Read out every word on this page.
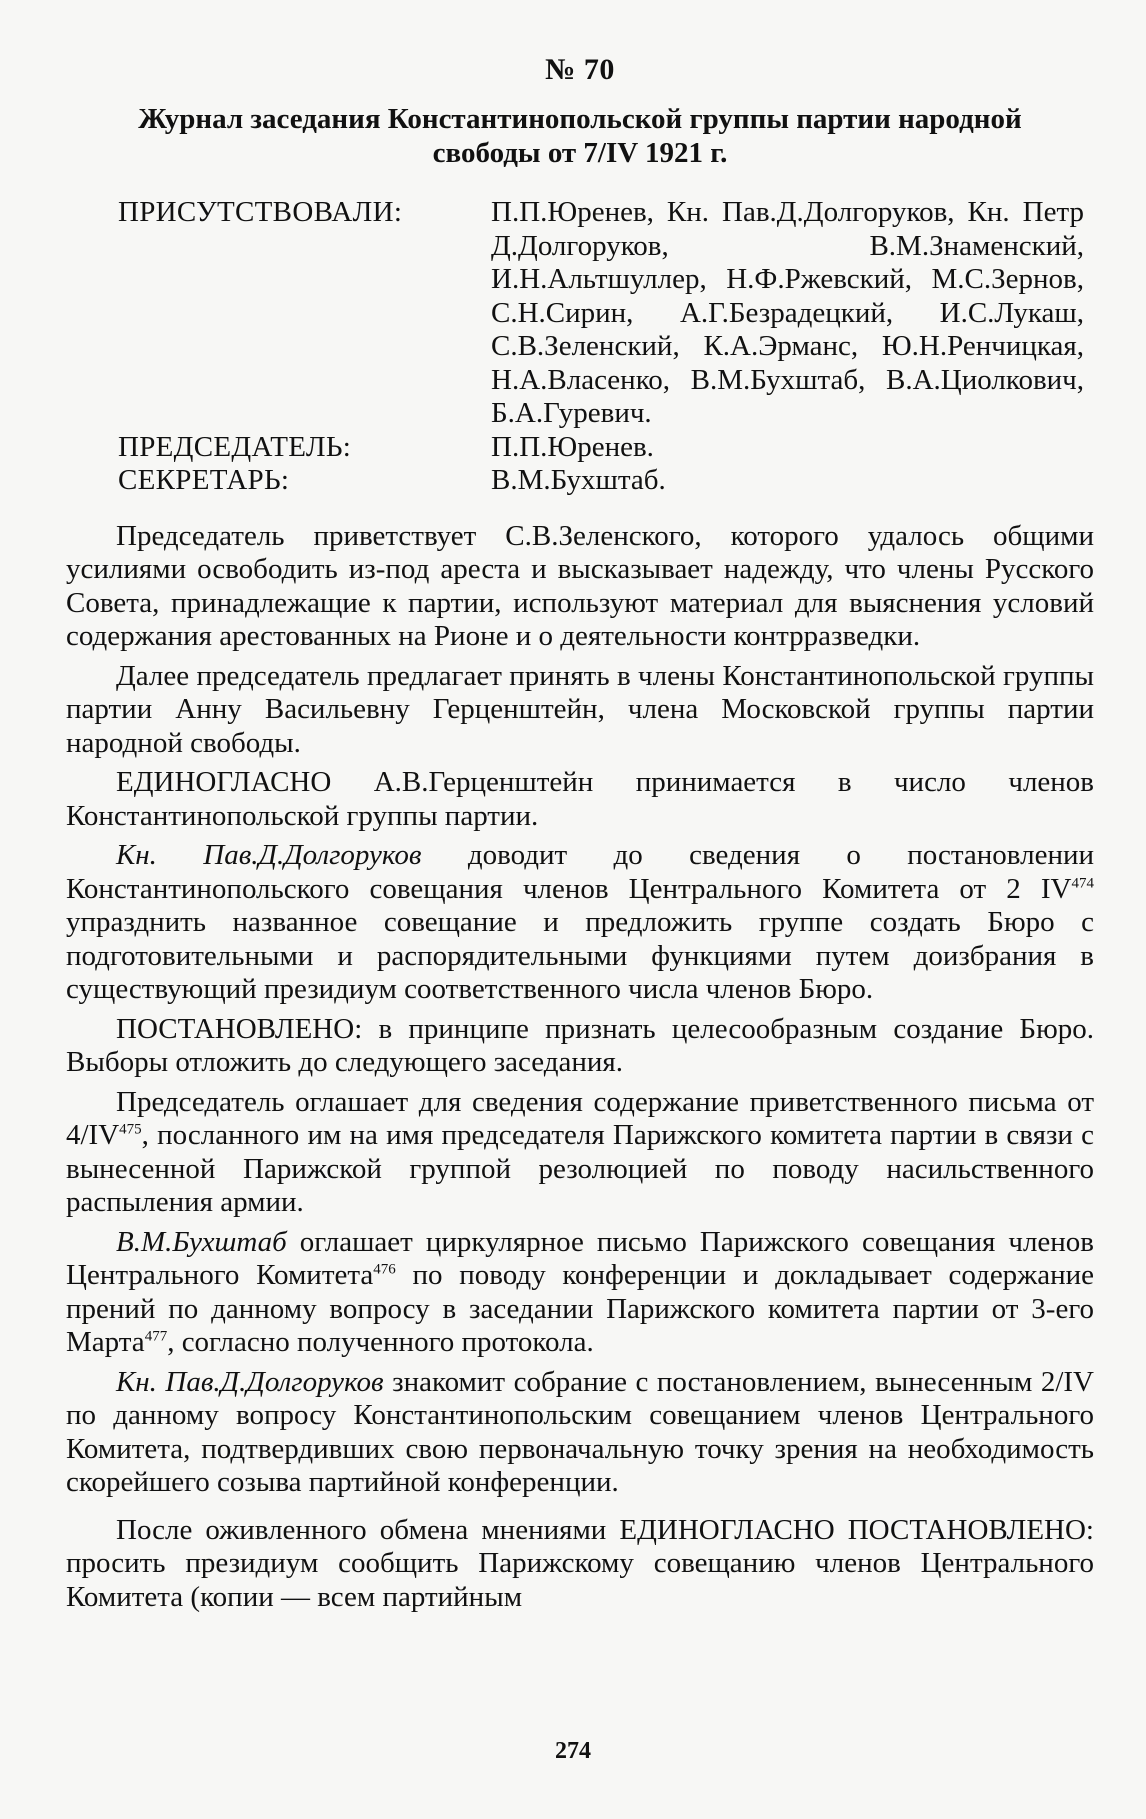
№ 70
Журнал заседания Константинопольской группы партии народной свободы от 7/IV 1921 г.
ПРИСУТСТВОВАЛИ:	П.П.Юренев, Кн. Пав.Д.Долгоруков, Кн. Петр Д.Долгоруков, В.М.Знаменский, И.Н.Альтшуллер, Н.Ф.Ржевский, М.С.Зернов, С.Н.Сирин, А.Г.Безрадецкий, И.С.Лукаш, С.В.Зеленский, К.А.Эрманс, Ю.Н.Ренчицкая, Н.А.Власенко, В.М.Бухштаб, В.А.Циолкович, Б.А.Гуревич.
ПРЕДСЕДАТЕЛЬ:	П.П.Юренев.
СЕКРЕТАРЬ:	В.М.Бухштаб.

Председатель приветствует С.В.Зеленского, которого удалось общими усилиями освободить из-под ареста и высказывает надежду, что члены Русского Совета, принадлежащие к партии, используют материал для выяснения условий содержания арестованных на Рионе и о деятельности контрразведки.

Далее председатель предлагает принять в члены Константинопольской группы партии Анну Васильевну Герценштейн, члена Московской группы партии народной свободы.

ЕДИНОГЛАСНО А.В.Герценштейн принимается в число членов Константинопольской группы партии.

Кн. Пав.Д.Долгоруков доводит до сведения о постановлении Константинопольского совещания членов Центрального Комитета от 2 IV$^{474}$ упразднить названное совещание и предложить группе создать Бюро с подготовительными и распорядительными функциями путем доизбрания в существующий президиум соответственного числа членов Бюро.

ПОСТАНОВЛЕНО: в принципе признать целесообразным создание Бюро. Выборы отложить до следующего заседания.

Председатель оглашает для сведения содержание приветственного письма от 4/IV$^{475}$, посланного им на имя председателя Парижского комитета партии в связи с вынесенной Парижской группой резолюцией по поводу насильственного распыления армии.

В.М.Бухштаб оглашает циркулярное письмо Парижского совещания членов Центрального Комитета$^{476}$ по поводу конференции и докладывает содержание прений по данному вопросу в заседании Парижского комитета партии от 3-его Марта$^{477}$, согласно полученного протокола.

Кн. Пав.Д.Долгоруков знакомит собрание с постановлением, вынесенным 2/IV по данному вопросу Константинопольским совещанием членов Центрального Комитета, подтвердивших свою первоначальную точку зрения на необходимость скорейшего созыва партийной конференции.

После оживленного обмена мнениями ЕДИНОГЛАСНО ПОСТАНОВЛЕНО: просить президиум сообщить Парижскому совещанию членов Центрального Комитета (копии — всем партийным

274
